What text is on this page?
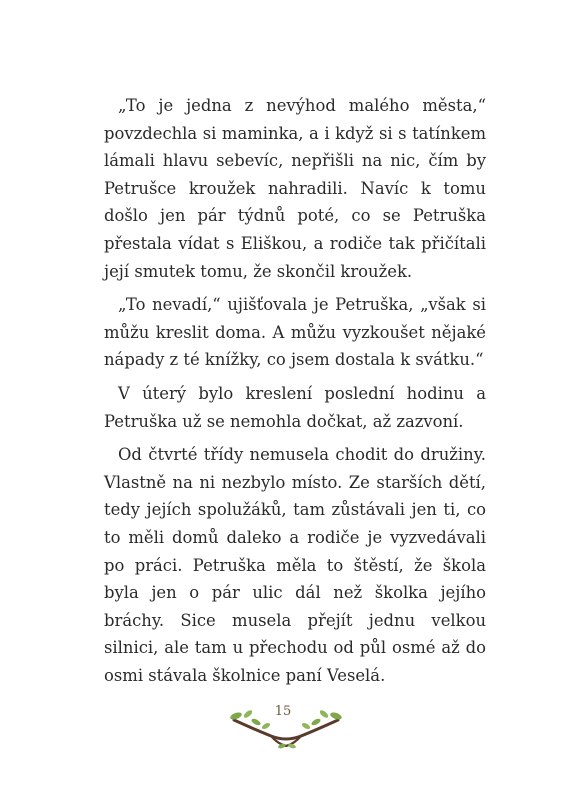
„To je jedna z nevýhod malého města,“ povzdechla si maminka, a i když si s tatínkem lámali hlavu sebevíc, nepřišli na nic, čím by Petrušce kroužek nahradili. Navíc k tomu došlo jen pár týdnů poté, co se Petruška přestala vídat s Eliškou, a rodiče tak přičítali její smutek tomu, že skončil kroužek.

„To nevadí,“ ujišťovala je Petruška, „však si můžu kreslit doma. A můžu vyzkoušet nějaké nápady z té knížky, co jsem dostala k svátku.“

V úterý bylo kreslení poslední hodinu a Petruška už se nemohla dočkat, až zazvoní.

Od čtvrté třídy nemusela chodit do družiny. Vlastně na ni nezbylo místo. Ze starších dětí, tedy jejích spolužáků, tam zůstávali jen ti, co to měli domů daleko a rodiče je vyzvedávali po práci. Petruška měla to štěstí, že škola byla jen o pár ulic dál než školka jejího bráchy. Sice musela přejít jednu velkou silnici, ale tam u přechodu od půl osmé až do osmi stávala školnice paní Veselá.

15
